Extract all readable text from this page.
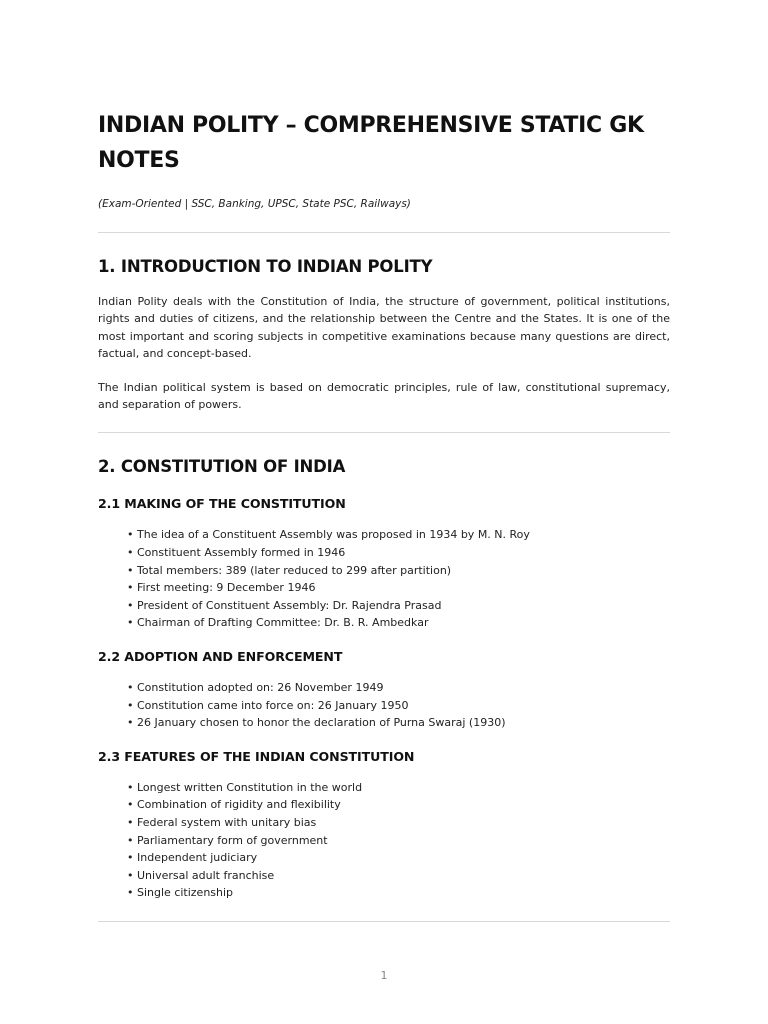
INDIAN POLITY – COMPREHENSIVE STATIC GK NOTES

(Exam-Oriented | SSC, Banking, UPSC, State PSC, Railways)

1. INTRODUCTION TO INDIAN POLITY

Indian Polity deals with the Constitution of India, the structure of government, political institutions, rights and duties of citizens, and the relationship between the Centre and the States. It is one of the most important and scoring subjects in competitive examinations because many questions are direct, factual, and concept-based.

The Indian political system is based on democratic principles, rule of law, constitutional supremacy, and separation of powers.

2. CONSTITUTION OF INDIA
2.1 MAKING OF THE CONSTITUTION
• The idea of a Constituent Assembly was proposed in 1934 by M. N. Roy
• Constituent Assembly formed in 1946
• Total members: 389 (later reduced to 299 after partition)
• First meeting: 9 December 1946
• President of Constituent Assembly: Dr. Rajendra Prasad
• Chairman of Drafting Committee: Dr. B. R. Ambedkar
2.2 ADOPTION AND ENFORCEMENT
• Constitution adopted on: 26 November 1949
• Constitution came into force on: 26 January 1950
• 26 January chosen to honor the declaration of Purna Swaraj (1930)
2.3 FEATURES OF THE INDIAN CONSTITUTION
• Longest written Constitution in the world
• Combination of rigidity and flexibility
• Federal system with unitary bias
• Parliamentary form of government
• Independent judiciary
• Universal adult franchise
• Single citizenship
1
